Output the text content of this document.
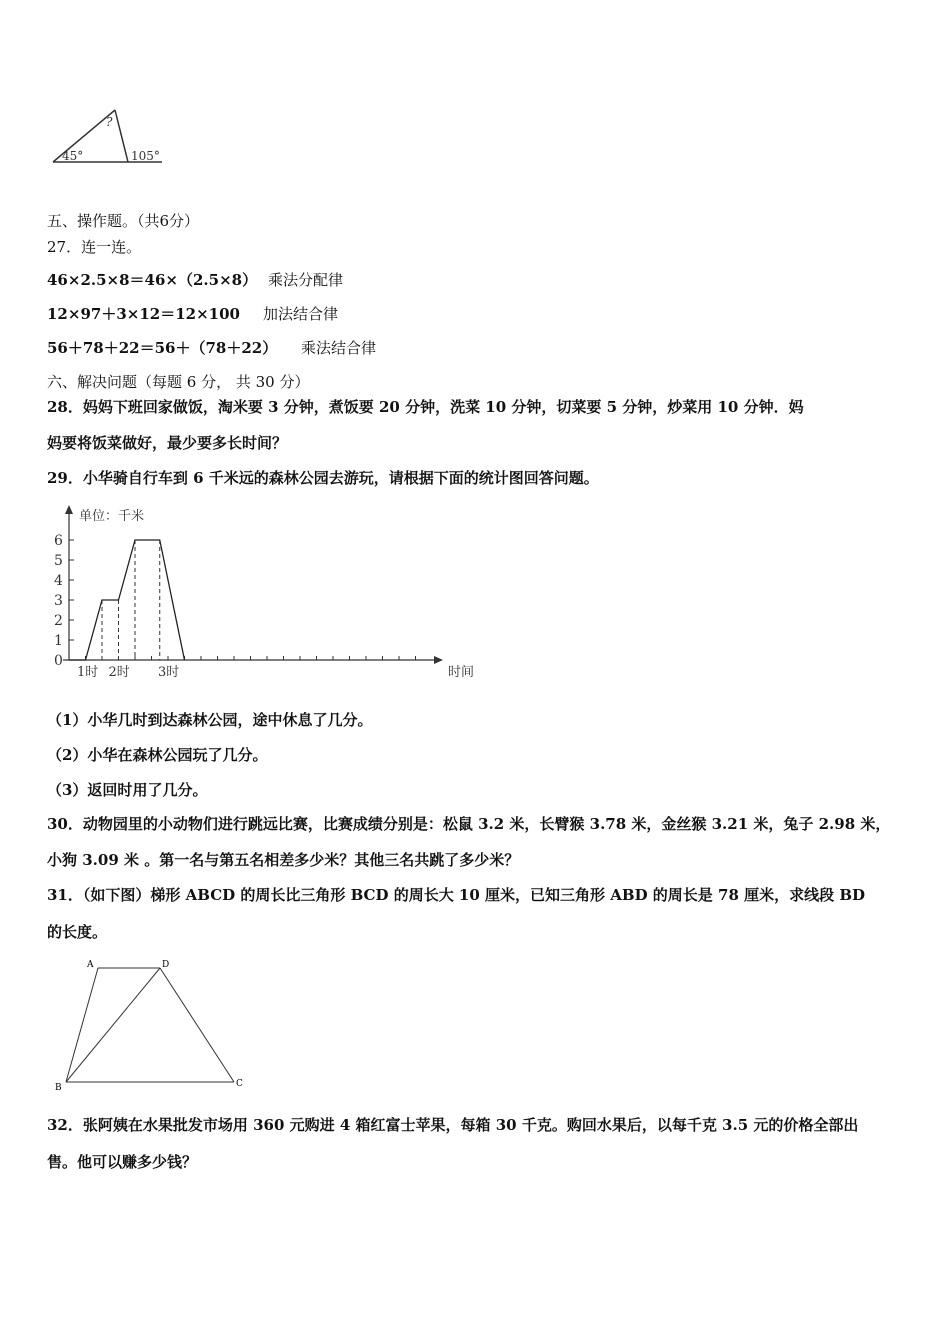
?
45°	105°
五、操作题。（共6分）
27．连一连。
46×2.5×8＝46×（2.5×8） 乘法分配律
12×97＋3×12＝12×100 加法结合律
56＋78＋22＝56＋（78＋22） 乘法结合律
六、解决问题（每题 6 分， 共 30 分）
28．妈妈下班回家做饭，淘米要 3 分钟，煮饭要 20 分钟，洗菜 10 分钟，切菜要 5 分钟，炒菜用 10 分钟．妈
妈要将饭菜做好，最少要多长时间？
29．小华骑自行车到 6 千米远的森林公园去游玩，请根据下面的统计图回答问题。
单位：千米
时间
0
1
2
3
4
5
6
1时 2时 3时
（1）小华几时到达森林公园，途中休息了几分。
（2）小华在森林公园玩了几分。
（3）返回时用了几分。
30．动物园里的小动物们进行跳远比赛，比赛成绩分别是：松鼠 3.2 米，长臂猴 3.78 米，金丝猴 3.21 米，兔子 2.98 米，
小狗 3.09 米 。第一名与第五名相差多少米？其他三名共跳了多少米？
31．（如下图）梯形 ABCD 的周长比三角形 BCD 的周长大 10 厘米，已知三角形 ABD 的周长是 78 厘米，求线段 BD
的长度。
A	D
B	C
32．张阿姨在水果批发市场用 360 元购进 4 箱红富士苹果，每箱 30 千克。购回水果后，以每千克 3.5 元的价格全部出
售。他可以赚多少钱？
